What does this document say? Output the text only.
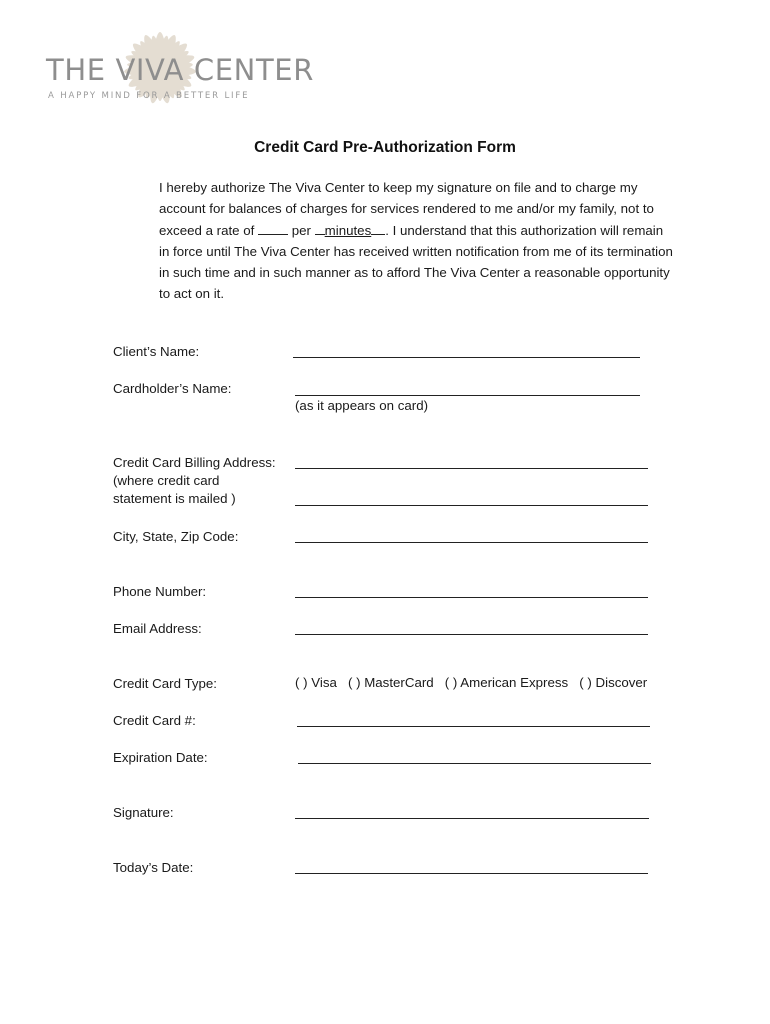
THE VIVA CENTER
A HAPPY MIND FOR A BETTER LIFE
Credit Card Pre-Authorization Form

I hereby authorize The Viva Center to keep my signature on file and to charge my account for balances of charges for services rendered to me and/or my family, not to exceed a rate of  per minutes . I understand that this authorization will remain in force until The Viva Center has received written notification from me of its termination in such time and in such manner as to afford The Viva Center a reasonable opportunity to act on it.

Client’s Name:
Cardholder’s Name:
(as it appears on card)
Credit Card Billing Address:
(where credit card
statement is mailed )
City, State, Zip Code:
Phone Number:
Email Address:
Credit Card Type:	( ) Visa ( ) MasterCard ( ) American Express ( ) Discover
Credit Card #:
Expiration Date:
Signature:
Today’s Date:
